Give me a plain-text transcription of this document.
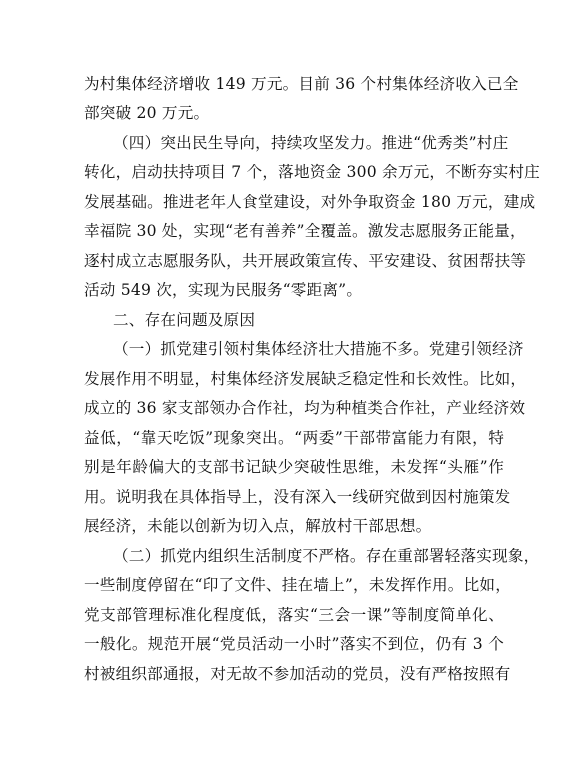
为村集体经济增收 149 万元。目前 36 个村集体经济收入已全
部突破 20 万元。
（四）突出民生导向，持续攻坚发力。推进“优秀类”村庄
转化，启动扶持项目 7 个，落地资金 300 余万元，不断夯实村庄
发展基础。推进老年人食堂建设，对外争取资金 180 万元，建成
幸福院 30 处，实现“老有善养”全覆盖。激发志愿服务正能量，
逐村成立志愿服务队，共开展政策宣传、平安建设、贫困帮扶等
活动 549 次，实现为民服务“零距离”。
二、存在问题及原因
（一）抓党建引领村集体经济壮大措施不多。党建引领经济
发展作用不明显，村集体经济发展缺乏稳定性和长效性。比如，
成立的 36 家支部领办合作社，均为种植类合作社，产业经济效
益低，“靠天吃饭”现象突出。“两委”干部带富能力有限，特
别是年龄偏大的支部书记缺少突破性思维，未发挥“头雁”作
用。说明我在具体指导上，没有深入一线研究做到因村施策发
展经济，未能以创新为切入点，解放村干部思想。
（二）抓党内组织生活制度不严格。存在重部署轻落实现象，
一些制度停留在“印了文件、挂在墙上”，未发挥作用。比如，
党支部管理标准化程度低，落实“三会一课”等制度简单化、
一般化。规范开展“党员活动一小时”落实不到位，仍有 3 个
村被组织部通报，对无故不参加活动的党员，没有严格按照有
